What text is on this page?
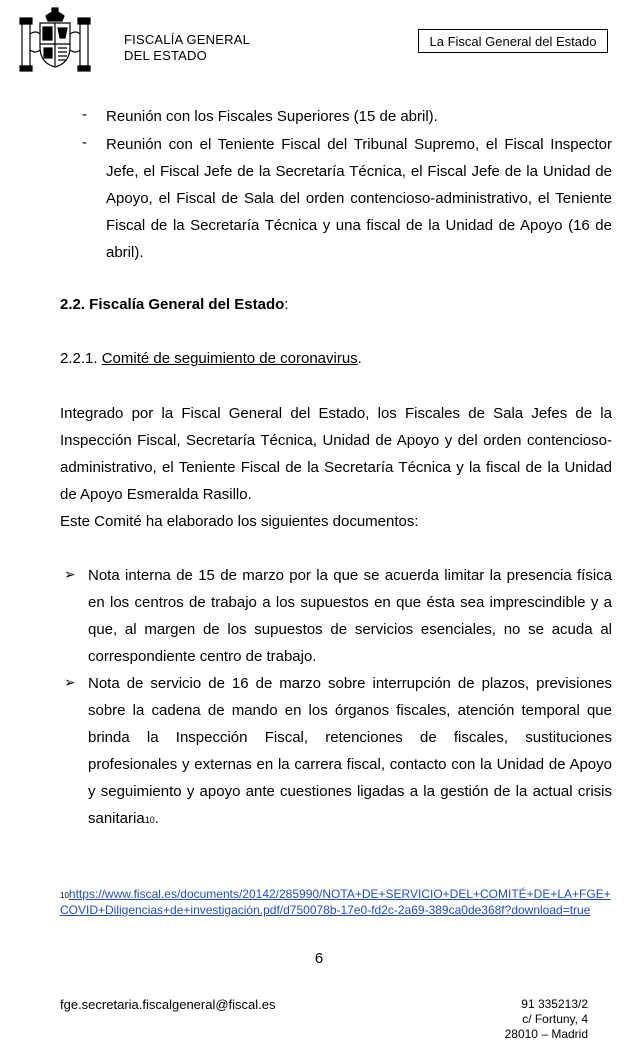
FISCALÍA GENERAL
DEL ESTADO
La Fiscal General del Estado
- Reunión con los Fiscales Superiores (15 de abril).
- Reunión con el Teniente Fiscal del Tribunal Supremo, el Fiscal Inspector Jefe, el Fiscal Jefe de la Secretaría Técnica, el Fiscal Jefe de la Unidad de Apoyo, el Fiscal de Sala del orden contencioso-administrativo, el Teniente Fiscal de la Secretaría Técnica y una fiscal de la Unidad de Apoyo (16 de abril).
2.2. Fiscalía General del Estado:
2.2.1. Comité de seguimiento de coronavirus.
Integrado por la Fiscal General del Estado, los Fiscales de Sala Jefes de la Inspección Fiscal, Secretaría Técnica, Unidad de Apoyo y del orden contencioso-administrativo, el Teniente Fiscal de la Secretaría Técnica y la fiscal de la Unidad de Apoyo Esmeralda Rasillo.
Este Comité ha elaborado los siguientes documentos:
➢ Nota interna de 15 de marzo por la que se acuerda limitar la presencia física en los centros de trabajo a los supuestos en que ésta sea imprescindible y a que, al margen de los supuestos de servicios esenciales, no se acuda al correspondiente centro de trabajo.
➢ Nota de servicio de 16 de marzo sobre interrupción de plazos, previsiones sobre la cadena de mando en los órganos fiscales, atención temporal que brinda la Inspección Fiscal, retenciones de fiscales, sustituciones profesionales y externas en la carrera fiscal, contacto con la Unidad de Apoyo y seguimiento y apoyo ante cuestiones ligadas a la gestión de la actual crisis sanitaria10.
10https://www.fiscal.es/documents/20142/285990/NOTA+DE+SERVICIO+DEL+COMITÉ+DE+LA+FGE+COVID+Diligencias+de+investigación.pdf/d750078b-17e0-fd2c-2a69-389ca0de368f?download=true
6
fge.secretaria.fiscalgeneral@fiscal.es	91 335213/2
c/ Fortuny, 4
28010 – Madrid
